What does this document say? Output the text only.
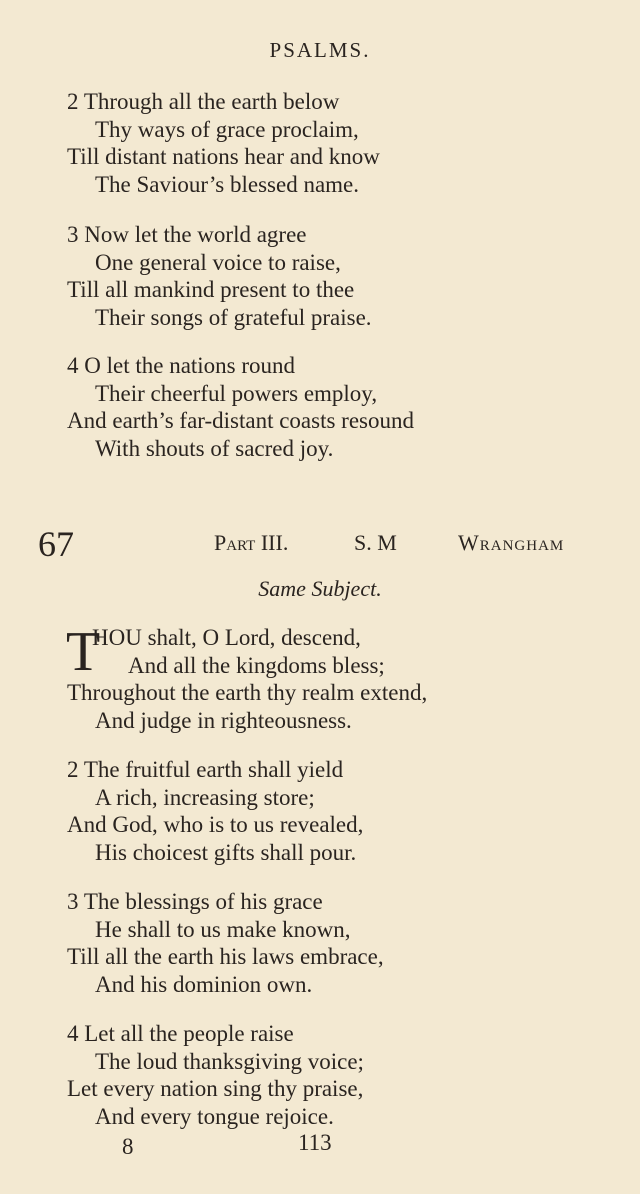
PSALMS.
2 Through all the earth below
Thy ways of grace proclaim,
Till distant nations hear and know
The Saviour’s blessed name.
3 Now let the world agree
One general voice to raise,
Till all mankind present to thee
Their songs of grateful praise.
4 O let the nations round
Their cheerful powers employ,
And earth’s far-distant coasts resound
With shouts of sacred joy.
67	Part III.	S. M	Wrangham
Same Subject.
T
HOU shalt, O Lord, descend,
And all the kingdoms bless;
Throughout the earth thy realm extend,
And judge in righteousness.
2 The fruitful earth shall yield
A rich, increasing store;
And God, who is to us revealed,
His choicest gifts shall pour.
3 The blessings of his grace
He shall to us make known,
Till all the earth his laws embrace,
And his dominion own.
4 Let all the people raise
The loud thanksgiving voice;
Let every nation sing thy praise,
And every tongue rejoice.
8	113
